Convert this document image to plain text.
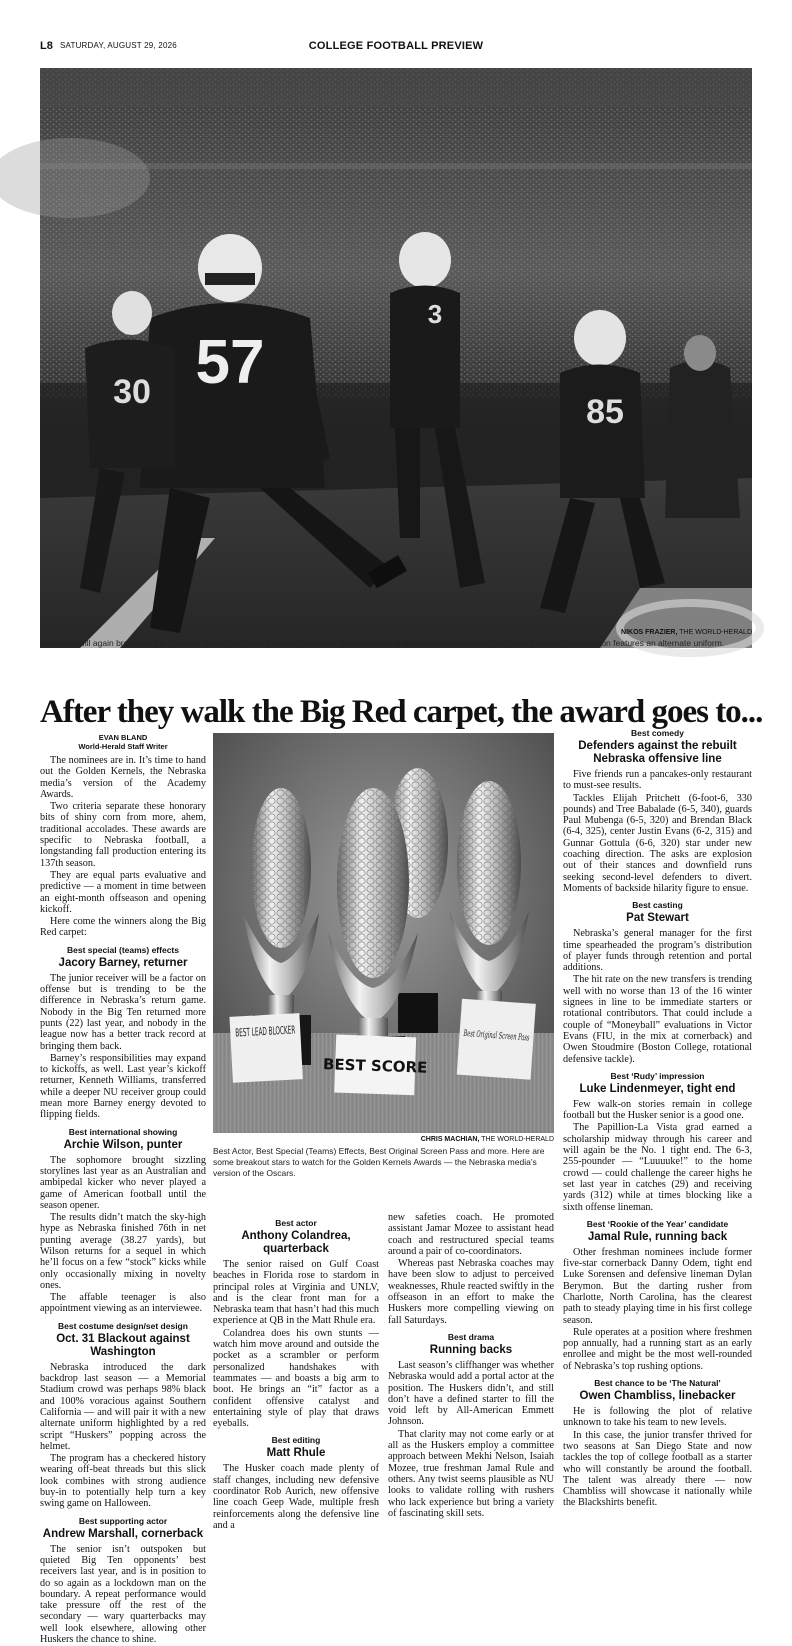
L8 SATURDAY, AUGUST 29, 2026	COLLEGE FOOTBALL PREVIEW
57
30
3
85
NIKOS FRAZIER, THE WORLD-HERALD
Nebraska will again break out the Blackout game. Last year’s against Southern California was a unique environment and this year’s against Washington features an alternate uniform.
After they walk the Big Red carpet, the award goes to...
EVAN BLAND
World-Herald Staff Writer

The nominees are in. It’s time to hand out the Golden Kernels, the Nebraska media’s version of the Academy Awards.

Two criteria separate these honorary bits of shiny corn from more, ahem, traditional accolades. These awards are specific to Nebraska football, a longstanding fall production entering its 137th season.

They are equal parts evaluative and predictive — a moment in time between an eight-month offseason and opening kickoff.

Here come the winners along the Big Red carpet:

Best special (teams) effects
Jacory Barney, returner

The junior receiver will be a factor on offense but is trending to be the difference in Nebraska’s return game. Nobody in the Big Ten returned more punts (22) last year, and nobody in the league now has a better track record at bringing them back.

Barney’s responsibilities may expand to kickoffs, as well. Last year’s kickoff returner, Kenneth Williams, transferred while a deeper NU receiver group could mean more Barney energy devoted to flipping fields.

Best international showing
Archie Wilson, punter

The sophomore brought sizzling storylines last year as an Australian and ambipedal kicker who never played a game of American football until the season opener.

The results didn’t match the sky-high hype as Nebraska finished 76th in net punting average (38.27 yards), but Wilson returns for a sequel in which he’ll focus on a few “stock” kicks while only occasionally mixing in novelty ones.

The affable teenager is also appointment viewing as an interviewee.

Best costume design/set design
Oct. 31 Blackout against Washington

Nebraska introduced the dark backdrop last season — a Memorial Stadium crowd was perhaps 98% black and 100% voracious against Southern California — and will pair it with a new alternate uniform highlighted by a red script “Huskers” popping across the helmet.

The program has a checkered history wearing off-beat threads but this slick look combines with strong audience buy-in to potentially help turn a key swing game on Halloween.

Best supporting actor
Andrew Marshall, cornerback

The senior isn’t outspoken but quieted Big Ten opponents’ best receivers last year, and is in position to do so again as a lockdown man on the boundary. A repeat performance would take pressure off the rest of the secondary — wary quarterbacks may well look elsewhere, allowing other Huskers the chance to shine.

BEST LEAD BLOCKER
BEST SCORE
Best Original Screen Pass
CHRIS MACHIAN, THE WORLD-HERALD
Best Actor, Best Special (Teams) Effects, Best Original Screen Pass and more. Here are some breakout stars to watch for the Golden Kernels Awards — the Nebraska media’s version of the Oscars.
Best actor
Anthony Colandrea, quarterback

The senior raised on Gulf Coast beaches in Florida rose to stardom in principal roles at Virginia and UNLV, and is the clear front man for a Nebraska team that hasn’t had this much experience at QB in the Matt Rhule era.

Colandrea does his own stunts — watch him move around and outside the pocket as a scrambler or perform personalized handshakes with teammates — and boasts a big arm to boot. He brings an “it” factor as a confident offensive catalyst and entertaining style of play that draws eyeballs.

Best editing
Matt Rhule

The Husker coach made plenty of staff changes, including new defensive coordinator Rob Aurich, new offensive line coach Geep Wade, multiple fresh reinforcements along the defensive line and a

new safeties coach. He promoted assistant Jamar Mozee to assistant head coach and restructured special teams around a pair of co-coordinators.

Whereas past Nebraska coaches may have been slow to adjust to perceived weaknesses, Rhule reacted swiftly in the offseason in an effort to make the Huskers more compelling viewing on fall Saturdays.

Best drama
Running backs

Last season’s cliffhanger was whether Nebraska would add a portal actor at the position. The Huskers didn’t, and still don’t have a defined starter to fill the void left by All-American Emmett Johnson.

That clarity may not come early or at all as the Huskers employ a committee approach between Mekhi Nelson, Isaiah Mozee, true freshman Jamal Rule and others. Any twist seems plausible as NU looks to validate rolling with rushers who lack experience but bring a variety of fascinating skill sets.

Best comedy
Defenders against the rebuilt Nebraska offensive line

Five friends run a pancakes-only restaurant to must-see results.

Tackles Elijah Pritchett (6-foot-6, 330 pounds) and Tree Babalade (6-5, 340), guards Paul Mubenga (6-5, 320) and Brendan Black (6-4, 325), center Justin Evans (6-2, 315) and Gunnar Gottula (6-6, 320) star under new coaching direction. The asks are explosion out of their stances and downfield runs seeking second-level defenders to divert. Moments of backside hilarity figure to ensue.

Best casting
Pat Stewart

Nebraska’s general manager for the first time spearheaded the program’s distribution of player funds through retention and portal additions.

The hit rate on the new transfers is trending well with no worse than 13 of the 16 winter signees in line to be immediate starters or rotational contributors. That could include a couple of “Moneyball” evaluations in Victor Evans (FIU, in the mix at cornerback) and Owen Stoudmire (Boston College, rotational defensive tackle).

Best ‘Rudy’ impression
Luke Lindenmeyer, tight end

Few walk-on stories remain in college football but the Husker senior is a good one.

The Papillion-La Vista grad earned a scholarship midway through his career and will again be the No. 1 tight end. The 6-3, 255-pounder — “Luuuuke!” to the home crowd — could challenge the career highs he set last year in catches (29) and receiving yards (312) while at times blocking like a sixth offense lineman.

Best ‘Rookie of the Year’ candidate
Jamal Rule, running back

Other freshman nominees include former five-star cornerback Danny Odem, tight end Luke Sorensen and defensive lineman Dylan Berymon. But the darting rusher from Charlotte, North Carolina, has the clearest path to steady playing time in his first college season.

Rule operates at a position where freshmen pop annually, had a running start as an early enrollee and might be the most well-rounded of Nebraska’s top rushing options.

Best chance to be ‘The Natural’
Owen Chambliss, linebacker

He is following the plot of relative unknown to take his team to new levels.

In this case, the junior transfer thrived for two seasons at San Diego State and now tackles the top of college football as a starter who will constantly be around the football. The talent was already there — now Chambliss will showcase it nationally while the Blackshirts benefit.
